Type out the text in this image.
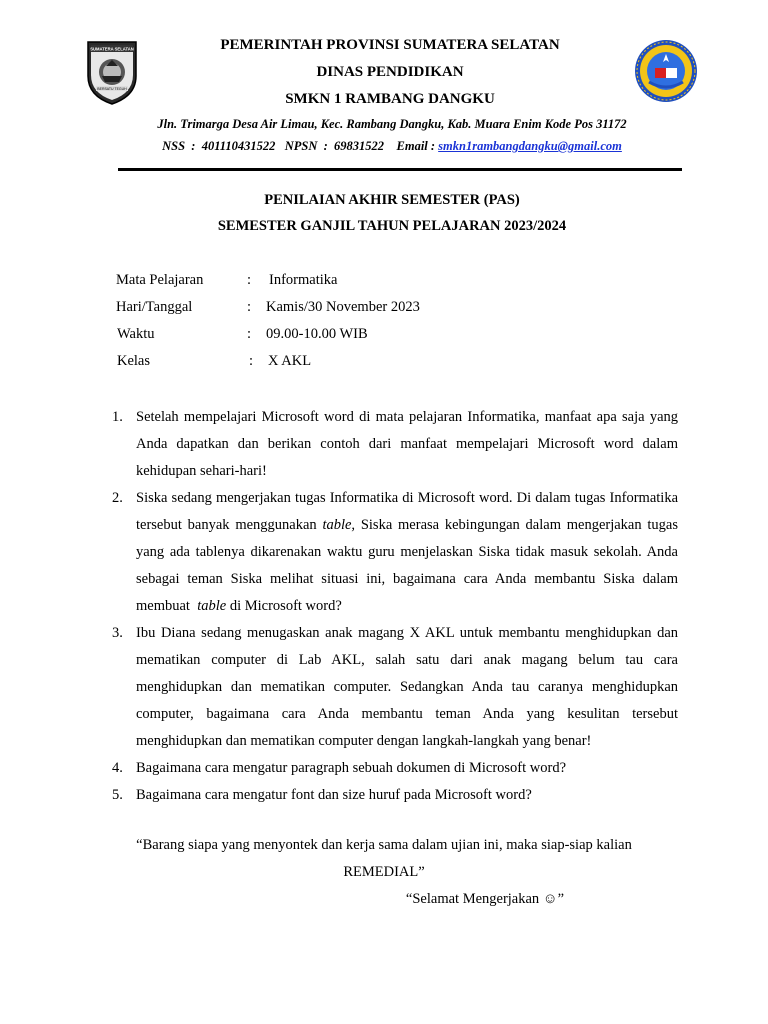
SUMATERA SELATAN
BERSATU TEGUH
PEMERINTAH PROVINSI SUMATERA SELATAN
DINAS PENDIDIKAN
SMKN 1 RAMBANG DANGKU
Jln. Trimarga Desa Air Limau, Kec. Rambang Dangku, Kab. Muara Enim Kode Pos 31172
NSS  :  401110431522   NPSN  :  69831522    Email : smkn1rambangdangku@gmail.com
PENILAIAN AKHIR SEMESTER (PAS)
SEMESTER GANJIL TAHUN PELAJARAN 2023/2024
Mata Pelajaran	: Informatika
Hari/Tanggal	: Kamis/30 November 2023
Waktu	: 09.00-10.00 WIB
Kelas	: X AKL
1. Setelah mempelajari Microsoft word di mata pelajaran Informatika, manfaat apa saja yang Anda dapatkan dan berikan contoh dari manfaat mempelajari Microsoft word dalam kehidupan sehari-hari!
2. Siska sedang mengerjakan tugas Informatika di Microsoft word. Di dalam tugas Informatika tersebut banyak menggunakan table, Siska merasa kebingungan dalam mengerjakan tugas yang ada tablenya dikarenakan waktu guru menjelaskan Siska tidak masuk sekolah. Anda sebagai teman Siska melihat situasi ini, bagaimana cara Anda membantu Siska dalam membuat  table di Microsoft word?
3. Ibu Diana sedang menugaskan anak magang X AKL untuk membantu menghidupkan dan mematikan computer di Lab AKL, salah satu dari anak magang belum tau cara menghidupkan dan mematikan computer. Sedangkan Anda tau caranya menghidupkan computer, bagaimana cara Anda membantu teman Anda yang kesulitan tersebut menghidupkan dan mematikan computer dengan langkah-langkah yang benar!
4. Bagaimana cara mengatur paragraph sebuah dokumen di Microsoft word?
5. Bagaimana cara mengatur font dan size huruf pada Microsoft word?
“Barang siapa yang menyontek dan kerja sama dalam ujian ini, maka siap-siap kalian
REMEDIAL”
“Selamat Mengerjakan ☺”
